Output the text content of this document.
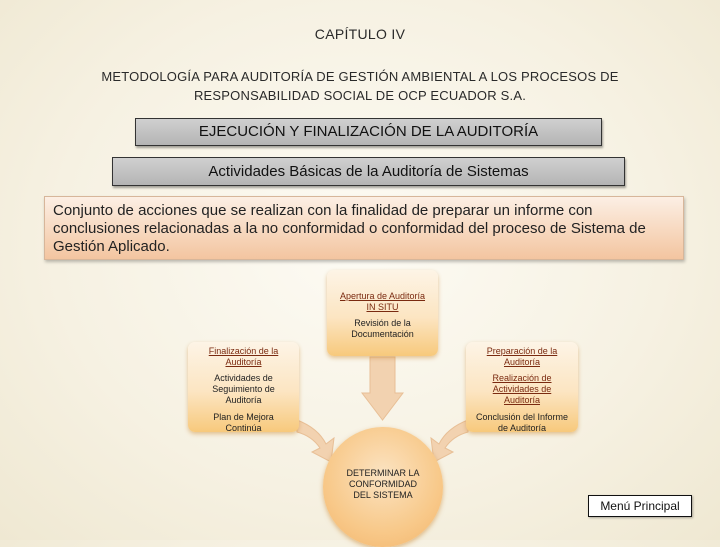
CAPÍTULO IV
METODOLOGÍA PARA AUDITORÍA DE GESTIÓN AMBIENTAL A LOS PROCESOS DE
RESPONSABILIDAD SOCIAL DE OCP ECUADOR S.A.
EJECUCIÓN Y FINALIZACIÓN DE LA AUDITORÍA
Actividades Básicas de la Auditoría de Sistemas
Conjunto de acciones que se realizan con la finalidad de preparar un informe con conclusiones relacionadas a la no conformidad o conformidad del proceso de Sistema de Gestión Aplicado.
Apertura de Auditoría
IN SITU
Revisión de la
Documentación
Finalización de la
Auditoría
Actividades de
Seguimiento de
Auditoría
Plan de Mejora
Continúa
Preparación de la
Auditoría
Realización de
Actividades de
Auditoría
Conclusión del Informe
de Auditoría
DETERMINAR LA
CONFORMIDAD
DEL SISTEMA
Menú Principal
